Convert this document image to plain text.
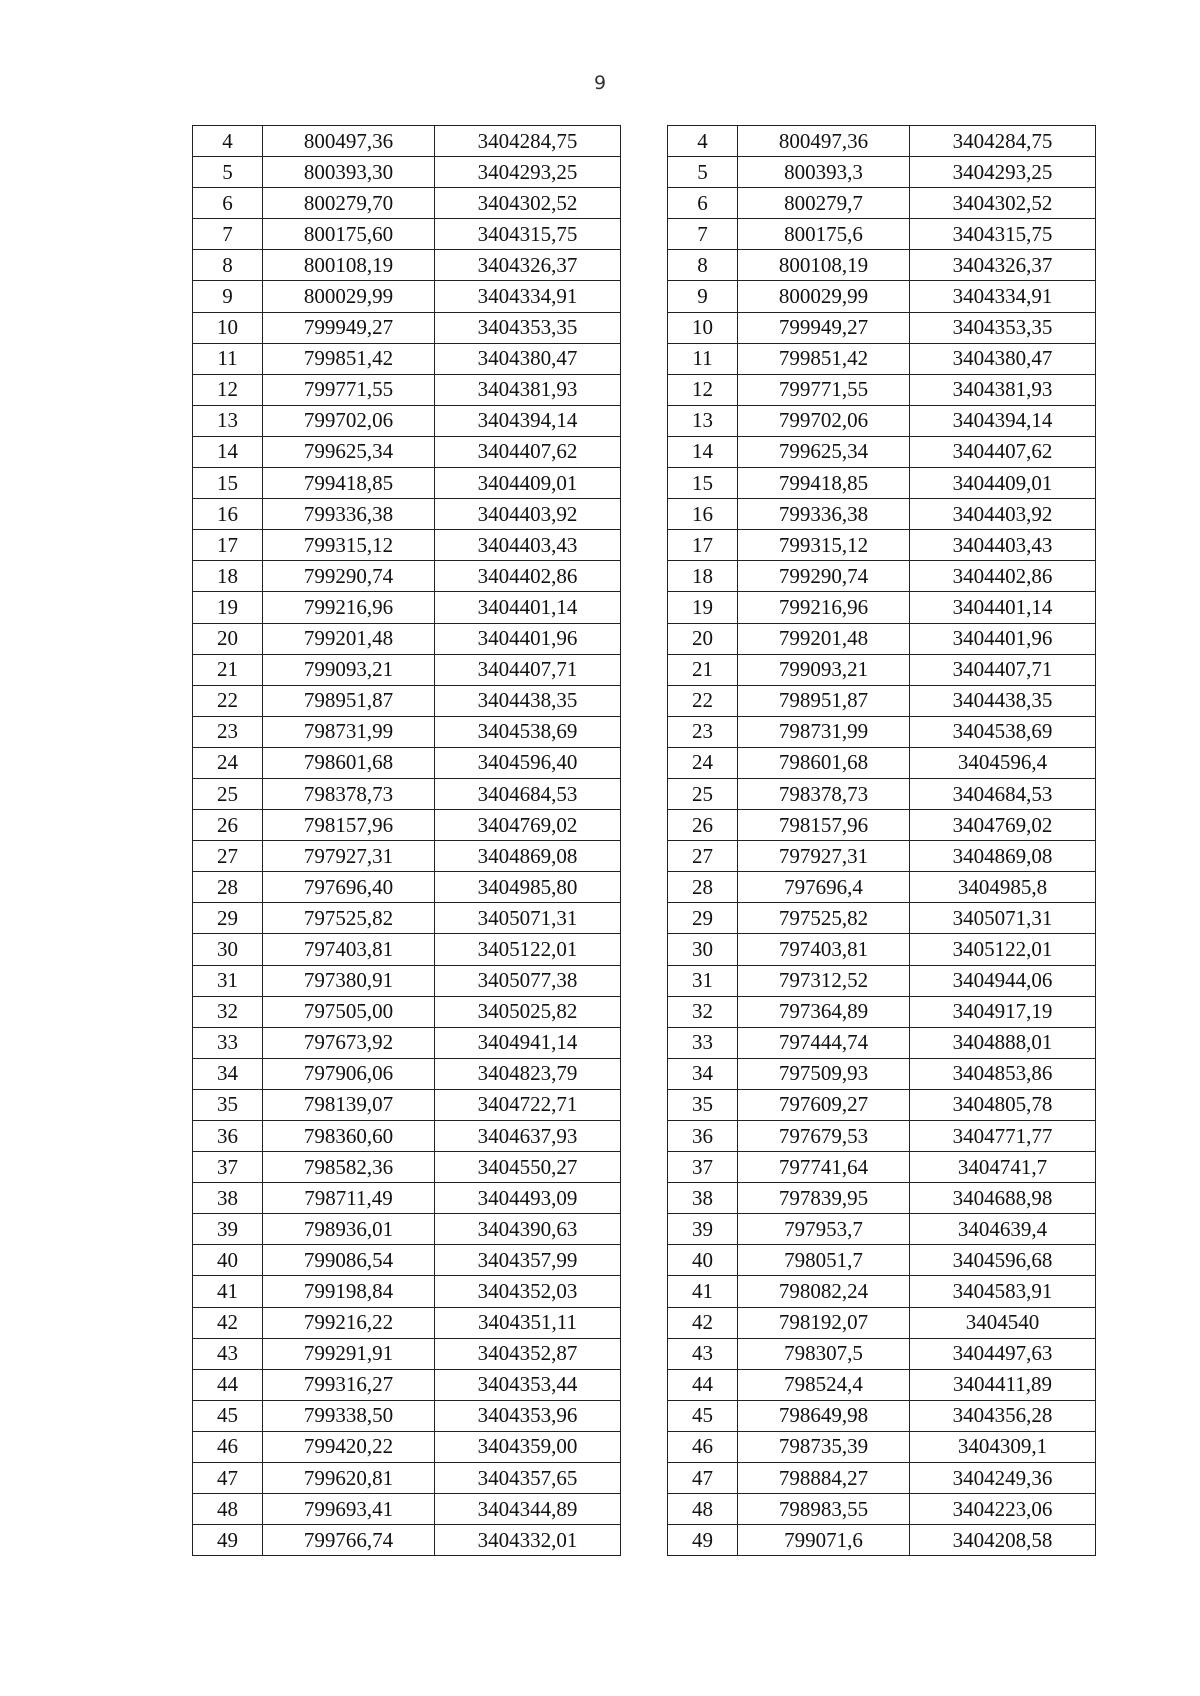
9
4	800497,36	3404284,75
5	800393,30	3404293,25
6	800279,70	3404302,52
7	800175,60	3404315,75
8	800108,19	3404326,37
9	800029,99	3404334,91
10	799949,27	3404353,35
11	799851,42	3404380,47
12	799771,55	3404381,93
13	799702,06	3404394,14
14	799625,34	3404407,62
15	799418,85	3404409,01
16	799336,38	3404403,92
17	799315,12	3404403,43
18	799290,74	3404402,86
19	799216,96	3404401,14
20	799201,48	3404401,96
21	799093,21	3404407,71
22	798951,87	3404438,35
23	798731,99	3404538,69
24	798601,68	3404596,40
25	798378,73	3404684,53
26	798157,96	3404769,02
27	797927,31	3404869,08
28	797696,40	3404985,80
29	797525,82	3405071,31
30	797403,81	3405122,01
31	797380,91	3405077,38
32	797505,00	3405025,82
33	797673,92	3404941,14
34	797906,06	3404823,79
35	798139,07	3404722,71
36	798360,60	3404637,93
37	798582,36	3404550,27
38	798711,49	3404493,09
39	798936,01	3404390,63
40	799086,54	3404357,99
41	799198,84	3404352,03
42	799216,22	3404351,11
43	799291,91	3404352,87
44	799316,27	3404353,44
45	799338,50	3404353,96
46	799420,22	3404359,00
47	799620,81	3404357,65
48	799693,41	3404344,89
49	799766,74	3404332,01
4	800497,36	3404284,75
5	800393,3	3404293,25
6	800279,7	3404302,52
7	800175,6	3404315,75
8	800108,19	3404326,37
9	800029,99	3404334,91
10	799949,27	3404353,35
11	799851,42	3404380,47
12	799771,55	3404381,93
13	799702,06	3404394,14
14	799625,34	3404407,62
15	799418,85	3404409,01
16	799336,38	3404403,92
17	799315,12	3404403,43
18	799290,74	3404402,86
19	799216,96	3404401,14
20	799201,48	3404401,96
21	799093,21	3404407,71
22	798951,87	3404438,35
23	798731,99	3404538,69
24	798601,68	3404596,4
25	798378,73	3404684,53
26	798157,96	3404769,02
27	797927,31	3404869,08
28	797696,4	3404985,8
29	797525,82	3405071,31
30	797403,81	3405122,01
31	797312,52	3404944,06
32	797364,89	3404917,19
33	797444,74	3404888,01
34	797509,93	3404853,86
35	797609,27	3404805,78
36	797679,53	3404771,77
37	797741,64	3404741,7
38	797839,95	3404688,98
39	797953,7	3404639,4
40	798051,7	3404596,68
41	798082,24	3404583,91
42	798192,07	3404540
43	798307,5	3404497,63
44	798524,4	3404411,89
45	798649,98	3404356,28
46	798735,39	3404309,1
47	798884,27	3404249,36
48	798983,55	3404223,06
49	799071,6	3404208,58
